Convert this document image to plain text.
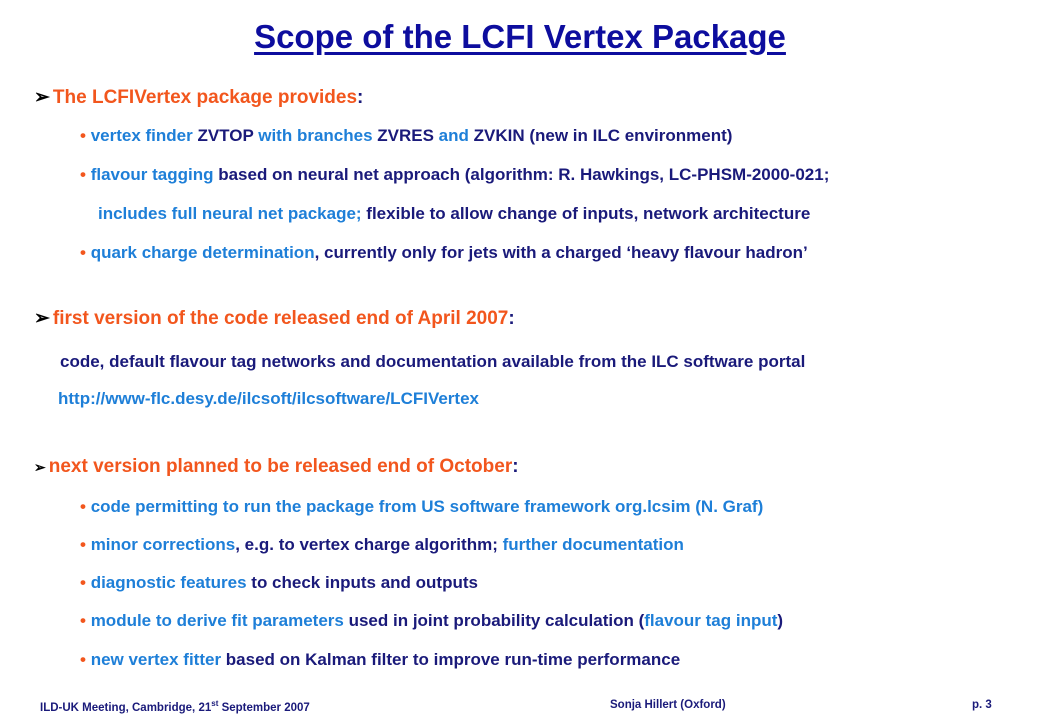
Scope of the LCFI Vertex Package
➢ The LCFIVertex package provides:
• vertex finder ZVTOP with branches ZVRES and ZVKIN (new in ILC environment)
• flavour tagging based on neural net approach (algorithm: R. Hawkings, LC-PHSM-2000-021;
includes full neural net package; flexible to allow change of inputs, network architecture
• quark charge determination, currently only for jets with a charged ‘heavy flavour hadron’
➢ first version of the code released end of April 2007:
code, default flavour tag networks and documentation available from the ILC software portal
http://www-flc.desy.de/ilcsoft/ilcsoftware/LCFIVertex
➢ next version planned to be released end of October:
• code permitting to run the package from US software framework org.lcsim (N. Graf)
• minor corrections, e.g. to vertex charge algorithm; further documentation
• diagnostic features to check inputs and outputs
• module to derive fit parameters used in joint probability calculation (flavour tag input)
• new vertex fitter based on Kalman filter to improve run-time performance
ILD-UK Meeting, Cambridge, 21st September 2007	Sonja Hillert (Oxford)	p. 3
